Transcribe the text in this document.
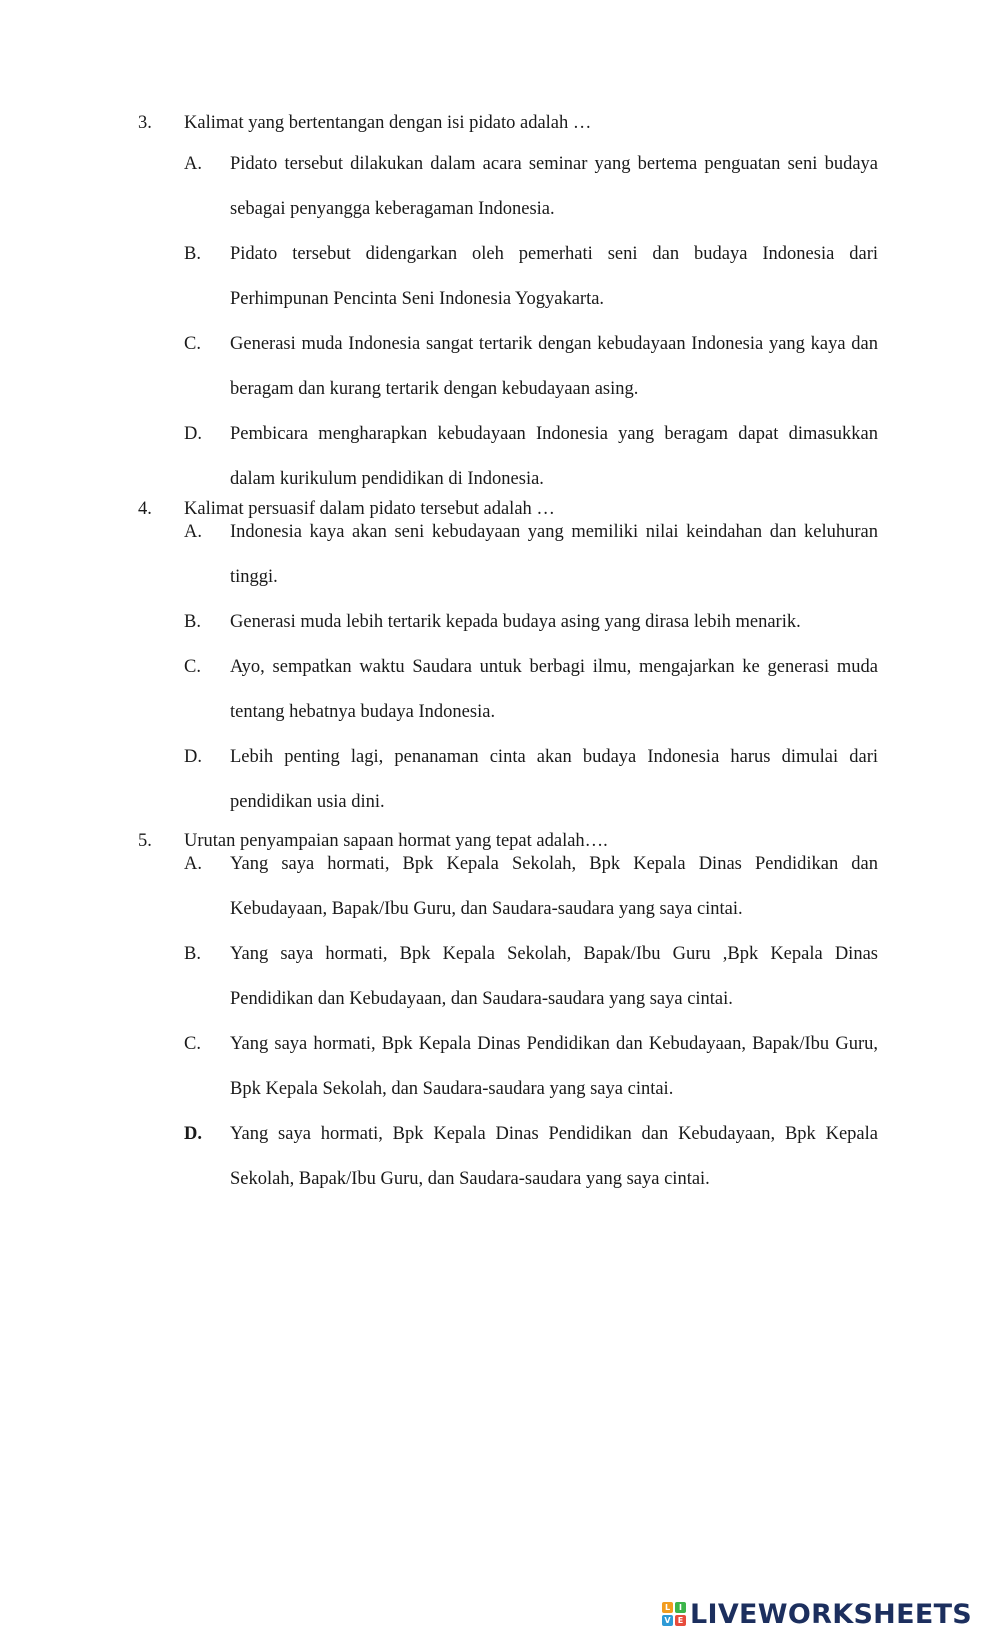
3. Kalimat yang bertentangan dengan isi pidato adalah …
A. Pidato tersebut dilakukan dalam acara seminar yang bertema penguatan seni budaya sebagai penyangga keberagaman Indonesia.
B. Pidato tersebut didengarkan oleh pemerhati seni dan budaya Indonesia dari Perhimpunan Pencinta Seni Indonesia Yogyakarta.
C. Generasi muda Indonesia sangat tertarik dengan kebudayaan Indonesia yang kaya dan beragam dan kurang tertarik dengan kebudayaan asing.
D. Pembicara mengharapkan kebudayaan Indonesia yang beragam dapat dimasukkan dalam kurikulum pendidikan di Indonesia.
4. Kalimat persuasif dalam pidato tersebut adalah …
A. Indonesia kaya akan seni kebudayaan yang memiliki nilai keindahan dan keluhuran tinggi.
B. Generasi muda lebih tertarik kepada budaya asing yang dirasa lebih menarik.
C. Ayo, sempatkan waktu Saudara untuk berbagi ilmu, mengajarkan ke generasi muda tentang hebatnya budaya Indonesia.
D. Lebih penting lagi, penanaman cinta akan budaya Indonesia harus dimulai dari pendidikan usia dini.
5. Urutan penyampaian sapaan hormat yang tepat adalah….
A. Yang saya hormati, Bpk Kepala Sekolah, Bpk Kepala Dinas Pendidikan dan Kebudayaan, Bapak/Ibu Guru, dan Saudara-saudara yang saya cintai.
B. Yang saya hormati, Bpk Kepala Sekolah, Bapak/Ibu Guru ,Bpk Kepala Dinas Pendidikan dan Kebudayaan, dan Saudara-saudara yang saya cintai.
C. Yang saya hormati, Bpk Kepala Dinas Pendidikan dan Kebudayaan, Bapak/Ibu Guru, Bpk Kepala Sekolah, dan Saudara-saudara yang saya cintai.
D. Yang saya hormati, Bpk Kepala Dinas Pendidikan dan Kebudayaan, Bpk Kepala Sekolah, Bapak/Ibu Guru, dan Saudara-saudara yang saya cintai.
L	I
V E LIVEWORKSHEETS
